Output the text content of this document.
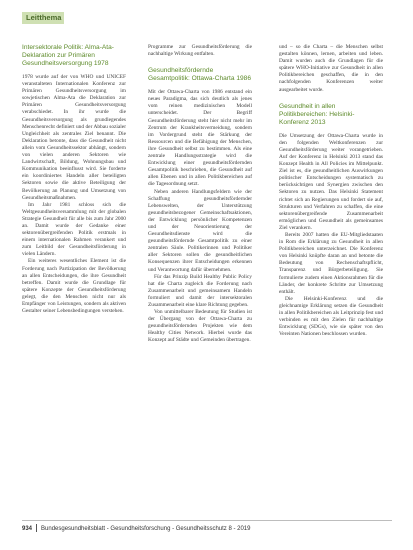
Leitthema
Intersektorale Politik: Alma-Ata-Deklaration zur Primären Gesundheitsversorgung 1978

1978 wurde auf der von WHO und UNICEF veranstalteten Internationalen Konferenz zur Primären Gesundheitsversorgung im sowjetischen Alma-Ata die Deklaration zur Primären Gesundheitsversorgung verabschiedet. In ihr wurde die Gesundheitsversorgung als grundlegendes Menschenrecht definiert und der Abbau sozialer Ungleichheit als zentrales Ziel benannt. Die Deklaration betonte, dass die Gesundheit nicht allein vom Gesundheitssektor abhängt, sondern von vielen anderen Sektoren wie Landwirtschaft, Bildung, Wohnungsbau und Kommunikation beeinflusst wird. Sie forderte ein koordiniertes Handeln aller beteiligten Sektoren sowie die aktive Beteiligung der Bevölkerung an Planung und Umsetzung von Gesundheitsmaßnahmen.

Im Jahr 1981 schloss sich die Weltgesundheitsversammlung mit der globalen Strategie Gesundheit für alle bis zum Jahr 2000 an. Damit wurde der Gedanke einer sektorenübergreifenden Politik erstmals in einem internationalen Rahmen verankert und zum Leitbild der Gesundheitsförderung in vielen Ländern.

Ein weiteres wesentliches Element ist die Forderung nach Partizipation der Bevölkerung an allen Entscheidungen, die ihre Gesundheit betreffen. Damit wurde die Grundlage für spätere Konzepte der Gesundheitsförderung gelegt, die den Menschen nicht nur als Empfänger von Leistungen, sondern als aktiven Gestalter seiner Lebensbedingungen verstehen.

Programme zur Gesundheitsförderung die nachhaltige Wirkung entfalten.

Gesundheitsfördernde Gesamtpolitik: Ottawa-Charta 1986

Mit der Ottawa-Charta von 1986 entstand ein neues Paradigma, das sich deutlich als jenes vom reinen medizinischen Modell unterscheidet. Der Begriff Gesundheitsförderung steht hier nicht mehr im Zentrum der Krankheitsvermeidung, sondern im Vordergrund steht die Stärkung der Ressourcen und die Befähigung der Menschen, ihre Gesundheit selbst zu bestimmen. Als eine zentrale Handlungsstrategie wird die Entwicklung einer gesundheitsfördernden Gesamtpolitik beschrieben, die Gesundheit auf allen Ebenen und in allen Politikbereichen auf die Tagesordnung setzt.

Neben anderen Handlungsfeldern wie der Schaffung gesundheitsfördernder Lebenswelten, der Unterstützung gesundheitsbezogener Gemeinschaftsaktionen, der Entwicklung persönlicher Kompetenzen und der Neuorientierung der Gesundheitsdienste wird die gesundheitsfördernde Gesamtpolitik zu einer zentralen Säule. Politikerinnen und Politiker aller Sektoren sollen die gesundheitlichen Konsequenzen ihrer Entscheidungen erkennen und Verantwortung dafür übernehmen.

Für das Prinzip Build Healthy Public Policy hat die Charta zugleich die Forderung nach Zusammenarbeit und gemeinsamem Handeln formuliert und damit der intersektoralen Zusammenarbeit eine klare Richtung gegeben.

Von unmittelbarer Bedeutung für Studien ist der Übergang von der Ottawa-Charta zu gesundheitsfördernden Projekten wie dem Healthy Cities Network. Hierbei wurde das Konzept auf Städte und Gemeinden übertragen.

und – so die Charta – die Menschen selbst gestalten können, lernen, arbeiten und leben. Damit wurden auch die Grundlagen für die spätere WHO-Initiative zur Gesundheit in allen Politikbereichen geschaffen, die in den nachfolgenden Konferenzen weiter ausgearbeitet wurde.

Gesundheit in allen Politikbereichen: Helsinki-Konferenz 2013

Die Umsetzung der Ottawa-Charta wurde in den folgenden Weltkonferenzen zur Gesundheitsförderung weiter vorangetrieben. Auf der Konferenz in Helsinki 2013 stand das Konzept Health in All Policies im Mittelpunkt. Ziel ist es, die gesundheitlichen Auswirkungen politischer Entscheidungen systematisch zu berücksichtigen und Synergien zwischen den Sektoren zu nutzen. Das Helsinki Statement richtet sich an Regierungen und fordert sie auf, Strukturen und Verfahren zu schaffen, die eine sektorenübergreifende Zusammenarbeit ermöglichen und Gesundheit als gemeinsames Ziel verankern.

Bereits 2007 hatten die EU-Mitgliedstaaten in Rom die Erklärung zu Gesundheit in allen Politikbereichen unterzeichnet. Die Konferenz von Helsinki knüpfte daran an und betonte die Bedeutung von Rechenschaftspflicht, Transparenz und Bürgerbeteiligung. Sie formulierte zudem einen Aktionsrahmen für die Länder, der konkrete Schritte zur Umsetzung enthält.

Die Helsinki-Konferenz und die gleichnamige Erklärung setzen die Gesundheit in allen Politikbereichen als Leitprinzip fest und verbinden es mit den Zielen für nachhaltige Entwicklung (SDGs), wie sie später von den Vereinten Nationen beschlossen wurden.

934 Bundesgesundheitsblatt - Gesundheitsforschung - Gesundheitsschutz 8 - 2019
